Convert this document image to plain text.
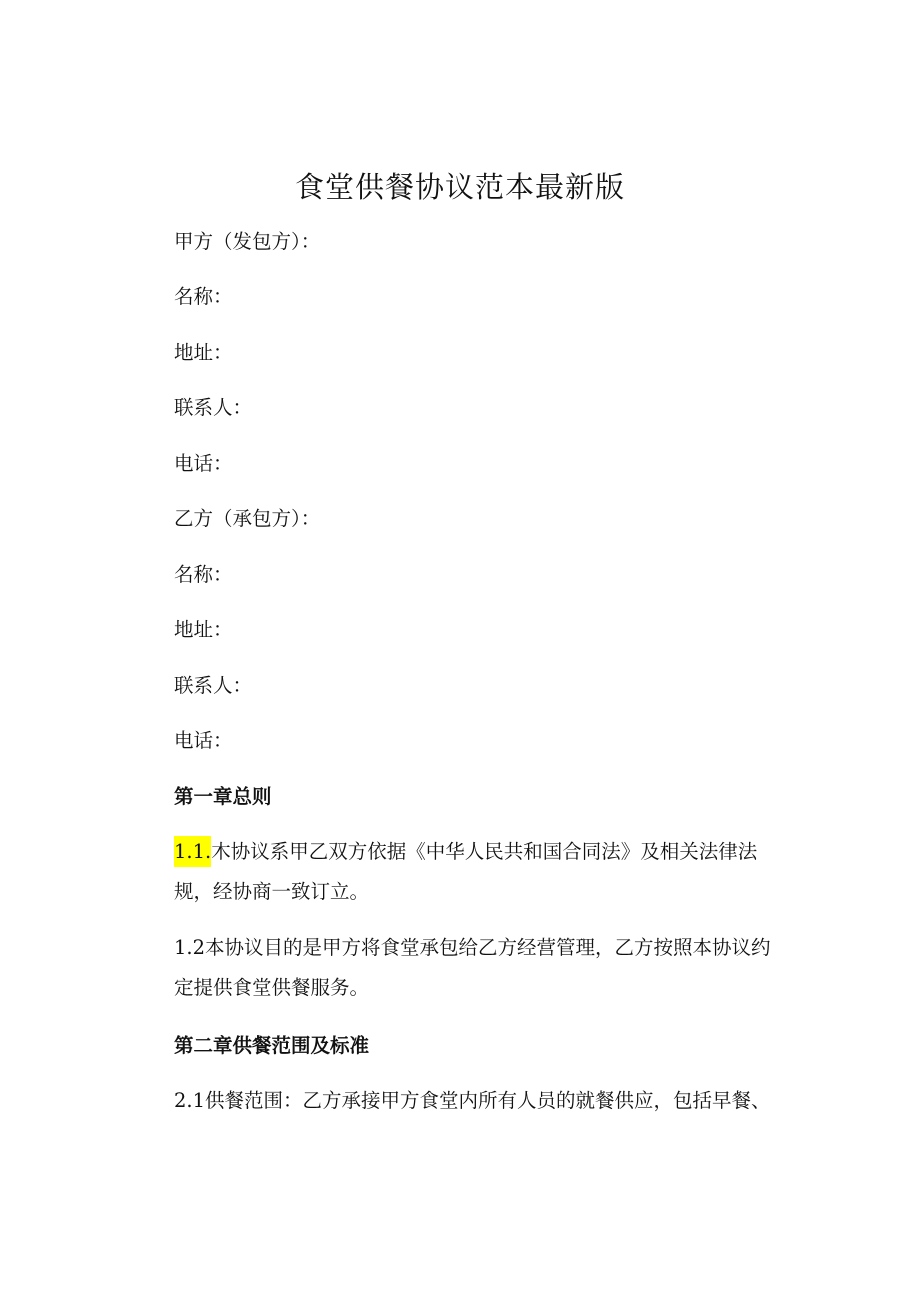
食堂供餐协议范本最新版
甲方（发包方）：
名称：
地址：
联系人：
电话：
乙方（承包方）：
名称：
地址：
联系人：
电话：
第一章总则
1.1.木协议系甲乙双方依据《中华人民共和国合同法》及相关法律法
规，经协商一致订立。
1.2本协议目的是甲方将食堂承包给乙方经营管理，乙方按照本协议约
定提供食堂供餐服务。
第二章供餐范围及标准
2.1供餐范围：乙方承接甲方食堂内所有人员的就餐供应，包括早餐、
